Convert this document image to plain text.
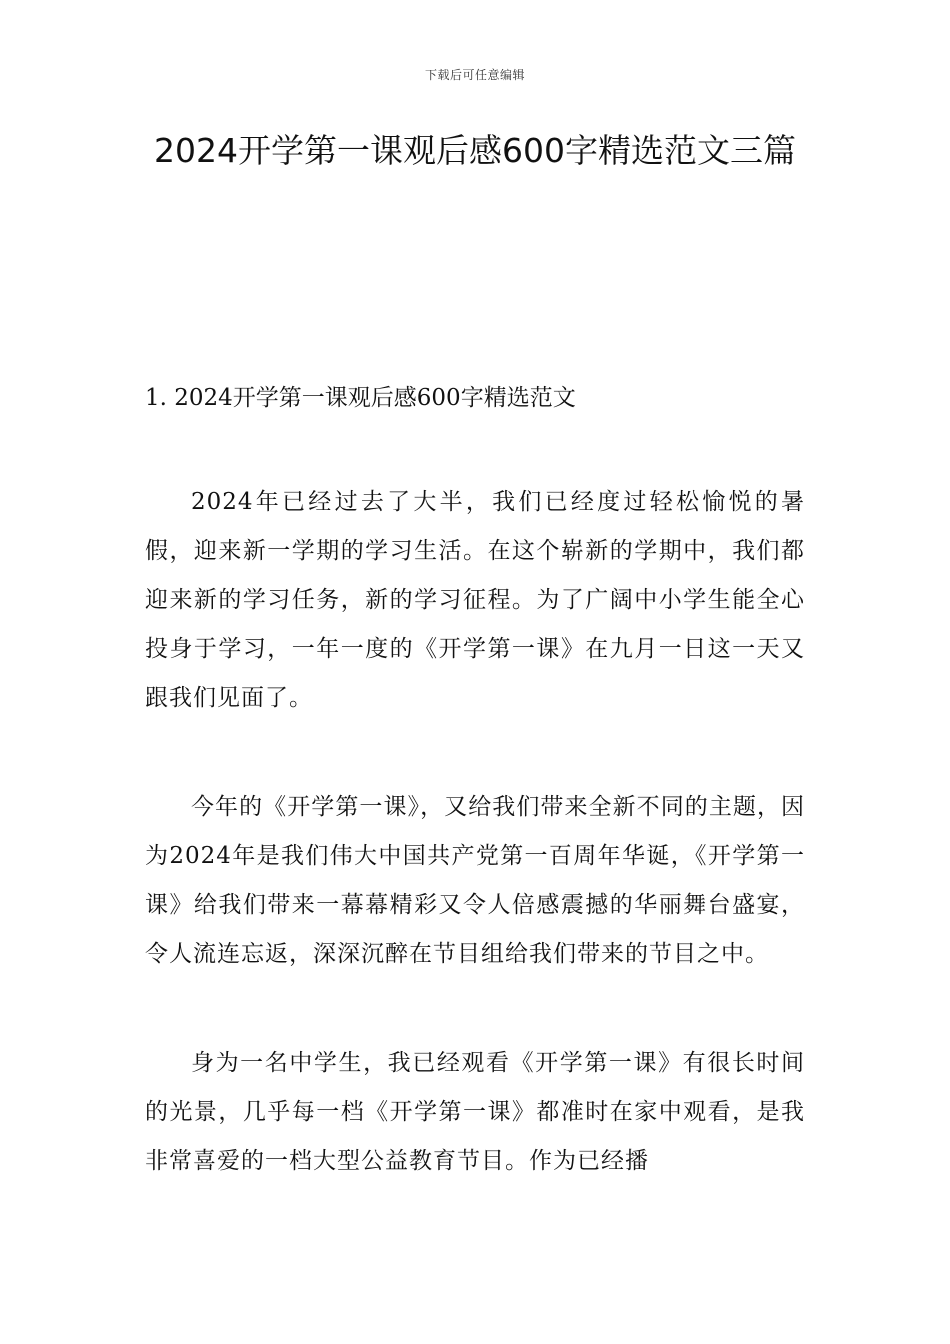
下载后可任意编辑
2024开学第一课观后感600字精选范文三篇

1. 2024开学第一课观后感600字精选范文

2024年已经过去了大半，我们已经度过轻松愉悦的暑假，迎来新一学期的学习生活。在这个崭新的学期中，我们都迎来新的学习任务，新的学习征程。为了广阔中小学生能全心投身于学习，一年一度的《开学第一课》在九月一日这一天又跟我们见面了。

今年的《开学第一课》，又给我们带来全新不同的主题，因为2024年是我们伟大中国共产党第一百周年华诞，《开学第一课》给我们带来一幕幕精彩又令人倍感震撼的华丽舞台盛宴，令人流连忘返，深深沉醉在节目组给我们带来的节目之中。

身为一名中学生，我已经观看《开学第一课》有很长时间的光景，几乎每一档《开学第一课》都准时在家中观看，是我非常喜爱的一档大型公益教育节目。作为已经播
